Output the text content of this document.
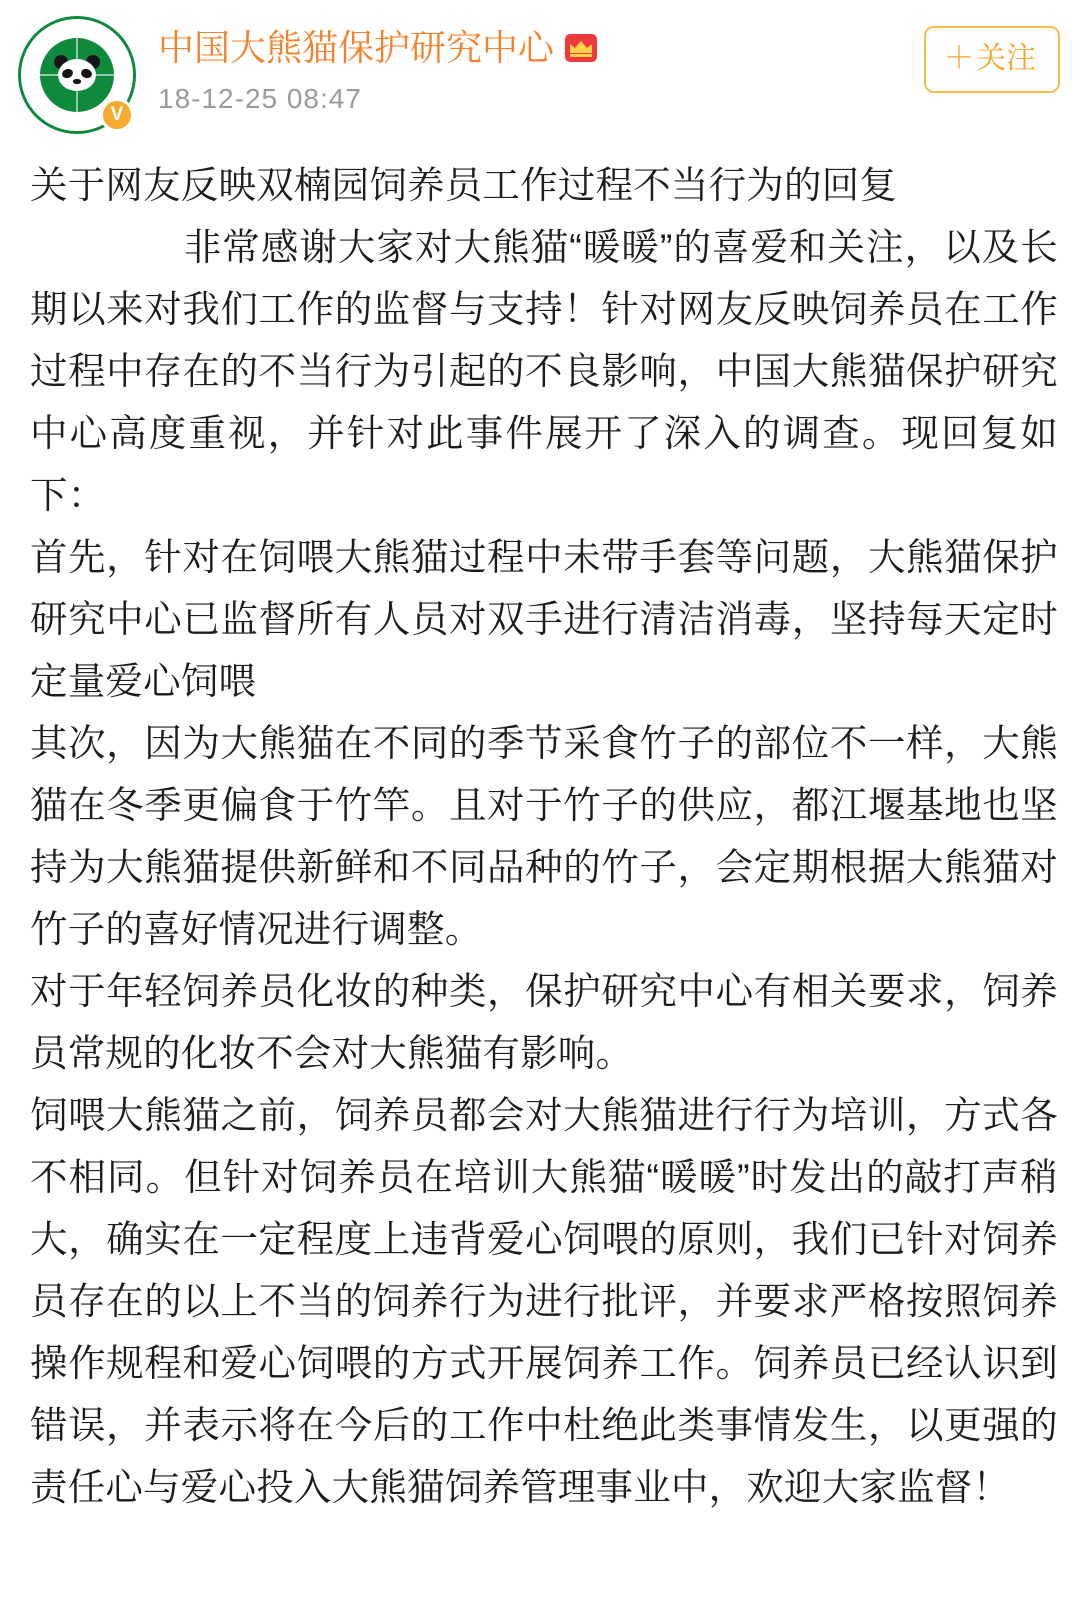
V
中国大熊猫保护研究中心
18-12-25 08:47
＋关注

关于网友反映双楠园饲养员工作过程不当行为的回复

非常感谢大家对大熊猫“暖暖”的喜爱和关注，以及长期以来对我们工作的监督与支持！针对网友反映饲养员在工作过程中存在的不当行为引起的不良影响，中国大熊猫保护研究中心高度重视，并针对此事件展开了深入的调查。现回复如下：

首先，针对在饲喂大熊猫过程中未带手套等问题，大熊猫保护研究中心已监督所有人员对双手进行清洁消毒，坚持每天定时定量爱心饲喂

其次，因为大熊猫在不同的季节采食竹子的部位不一样，大熊猫在冬季更偏食于竹竿。且对于竹子的供应，都江堰基地也坚持为大熊猫提供新鲜和不同品种的竹子，会定期根据大熊猫对竹子的喜好情况进行调整。

对于年轻饲养员化妆的种类，保护研究中心有相关要求，饲养员常规的化妆不会对大熊猫有影响。

饲喂大熊猫之前，饲养员都会对大熊猫进行行为培训，方式各不相同。但针对饲养员在培训大熊猫“暖暖”时发出的敲打声稍大，确实在一定程度上违背爱心饲喂的原则，我们已针对饲养员存在的以上不当的饲养行为进行批评，并要求严格按照饲养操作规程和爱心饲喂的方式开展饲养工作。饲养员已经认识到错误，并表示将在今后的工作中杜绝此类事情发生，以更强的责任心与爱心投入大熊猫饲养管理事业中，欢迎大家监督！
